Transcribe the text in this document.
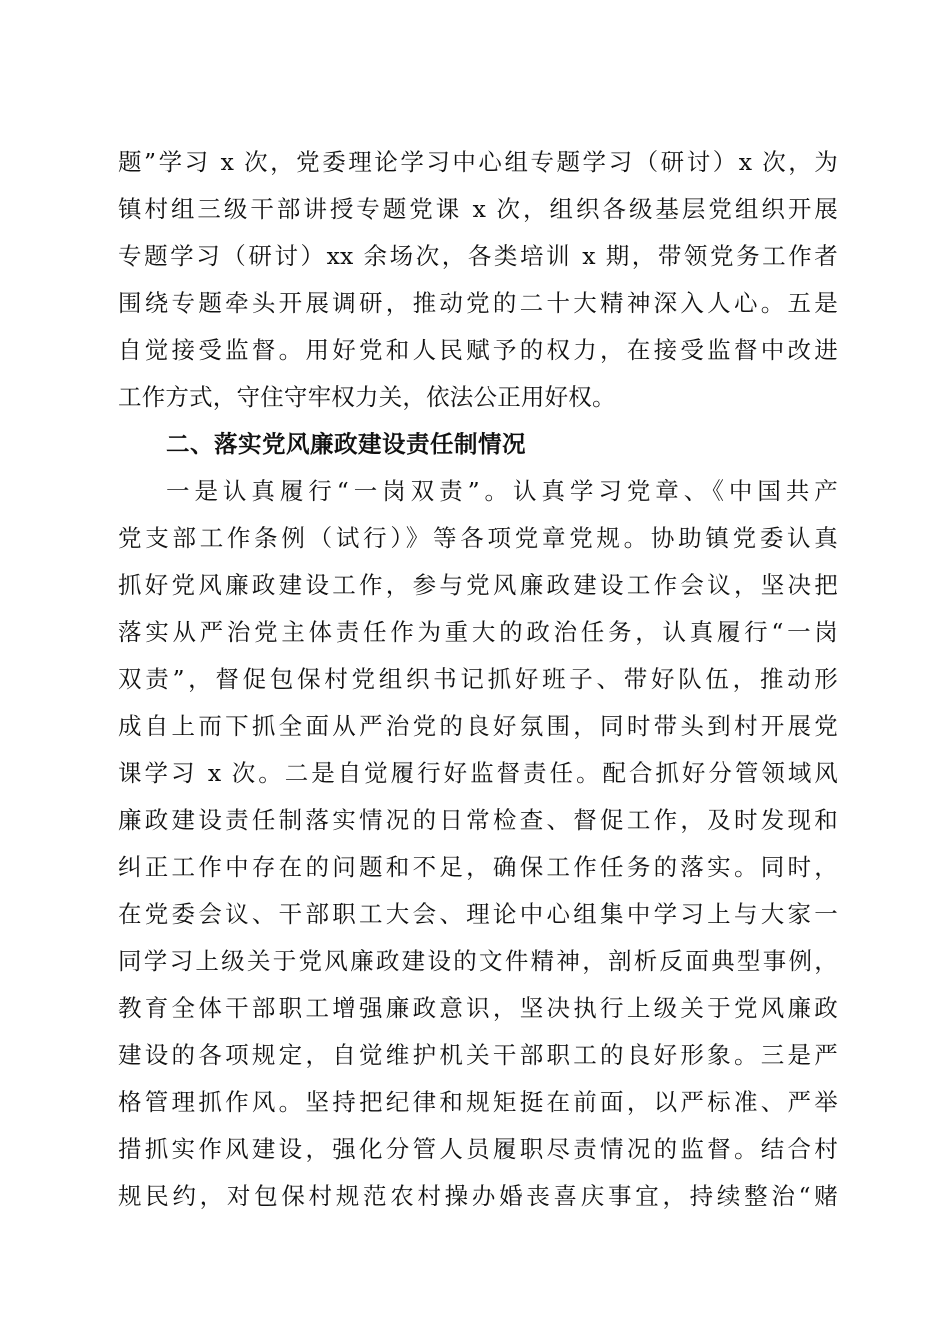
题”学习 x 次，党委理论学习中心组专题学习（研讨）x 次，为
镇村组三级干部讲授专题党课 x 次，组织各级基层党组织开展
专题学习（研讨）xx 余场次，各类培训 x 期，带领党务工作者
围绕专题牵头开展调研，推动党的二十大精神深入人心。五是
自觉接受监督。用好党和人民赋予的权力，在接受监督中改进
工作方式，守住守牢权力关，依法公正用好权。
二、落实党风廉政建设责任制情况
一是认真履行“一岗双责”。认真学习党章、《中国共产
党支部工作条例（试行）》等各项党章党规。协助镇党委认真
抓好党风廉政建设工作，参与党风廉政建设工作会议，坚决把
落实从严治党主体责任作为重大的政治任务，认真履行“一岗
双责”，督促包保村党组织书记抓好班子、带好队伍，推动形
成自上而下抓全面从严治党的良好氛围，同时带头到村开展党
课学习 x 次。二是自觉履行好监督责任。配合抓好分管领域风
廉政建设责任制落实情况的日常检查、督促工作，及时发现和
纠正工作中存在的问题和不足，确保工作任务的落实。同时，
在党委会议、干部职工大会、理论中心组集中学习上与大家一
同学习上级关于党风廉政建设的文件精神，剖析反面典型事例，
教育全体干部职工增强廉政意识，坚决执行上级关于党风廉政
建设的各项规定，自觉维护机关干部职工的良好形象。三是严
格管理抓作风。坚持把纪律和规矩挺在前面，以严标准、严举
措抓实作风建设，强化分管人员履职尽责情况的监督。结合村
规民约，对包保村规范农村操办婚丧喜庆事宜，持续整治“赌
